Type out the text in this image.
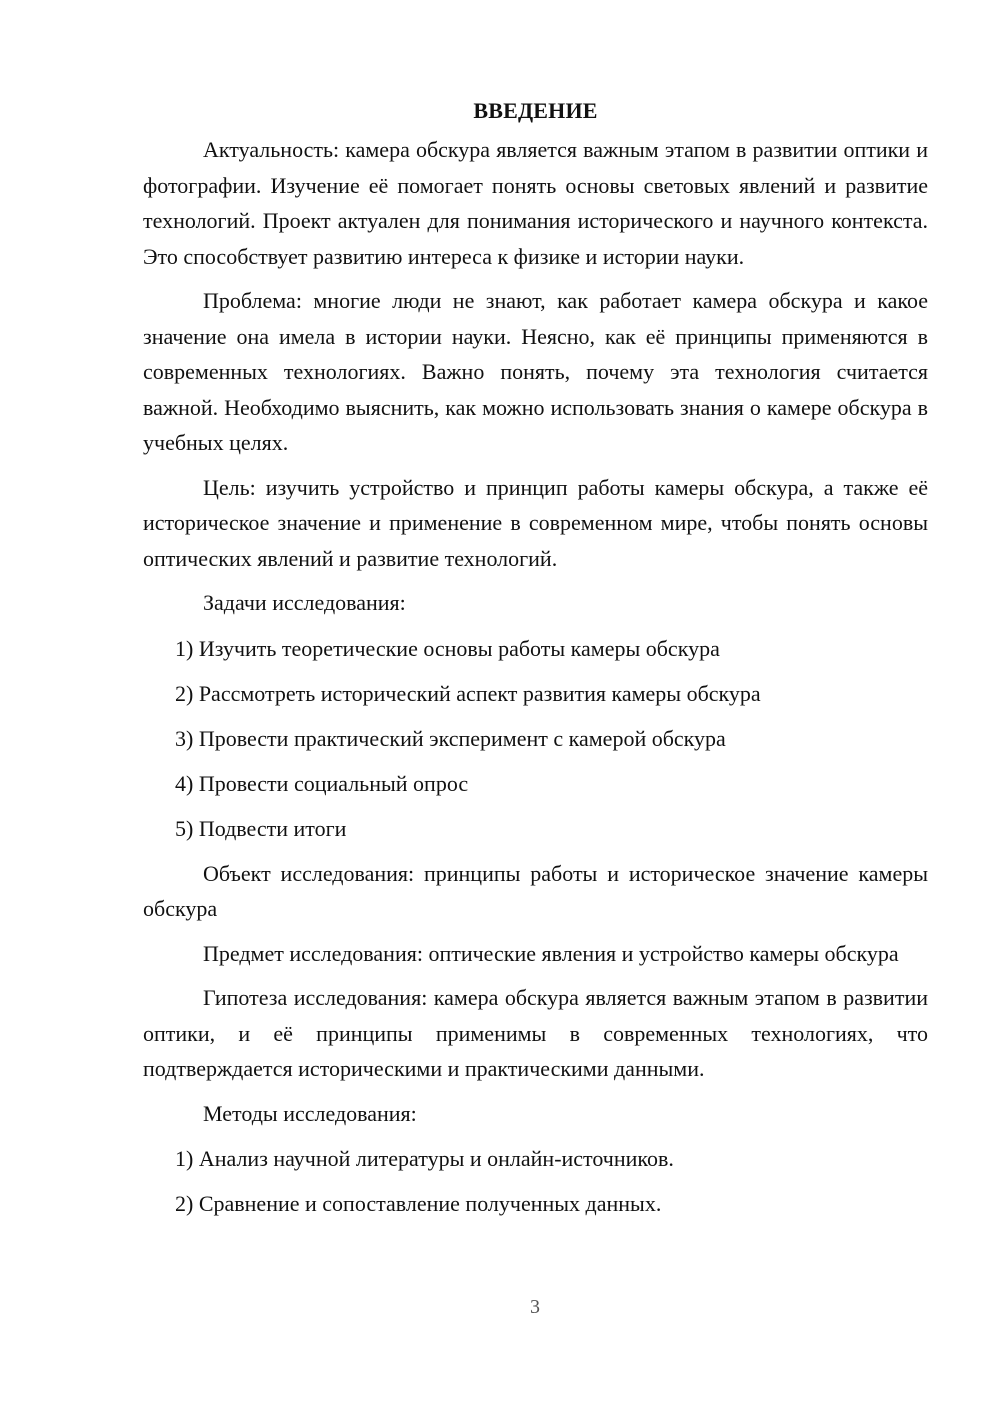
ВВЕДЕНИЕ

Актуальность: камера обскура является важным этапом в развитии оптики и фотографии. Изучение её помогает понять основы световых явлений и развитие технологий. Проект актуален для понимания исторического и научного контекста. Это способствует развитию интереса к физике и истории науки.

Проблема: многие люди не знают, как работает камера обскура и какое значение она имела в истории науки. Неясно, как её принципы применяются в современных технологиях. Важно понять, почему эта технология считается важной. Необходимо выяснить, как можно использовать знания о камере обскура в учебных целях.

Цель: изучить устройство и принцип работы камеры обскура, а также её историческое значение и применение в современном мире, чтобы понять основы оптических явлений и развитие технологий.

Задачи исследования:

1) Изучить теоретические основы работы камеры обскура
2) Рассмотреть исторический аспект развития камеры обскура
3) Провести практический эксперимент с камерой обскура
4) Провести социальный опрос
5) Подвести итоги

Объект исследования: принципы работы и историческое значение камеры обскура

Предмет исследования: оптические явления и устройство камеры обскура

Гипотеза исследования: камера обскура является важным этапом в развитии оптики, и её принципы применимы в современных технологиях, что подтверждается историческими и практическими данными.

Методы исследования:

1) Анализ научной литературы и онлайн-источников.
2) Сравнение и сопоставление полученных данных.
3
